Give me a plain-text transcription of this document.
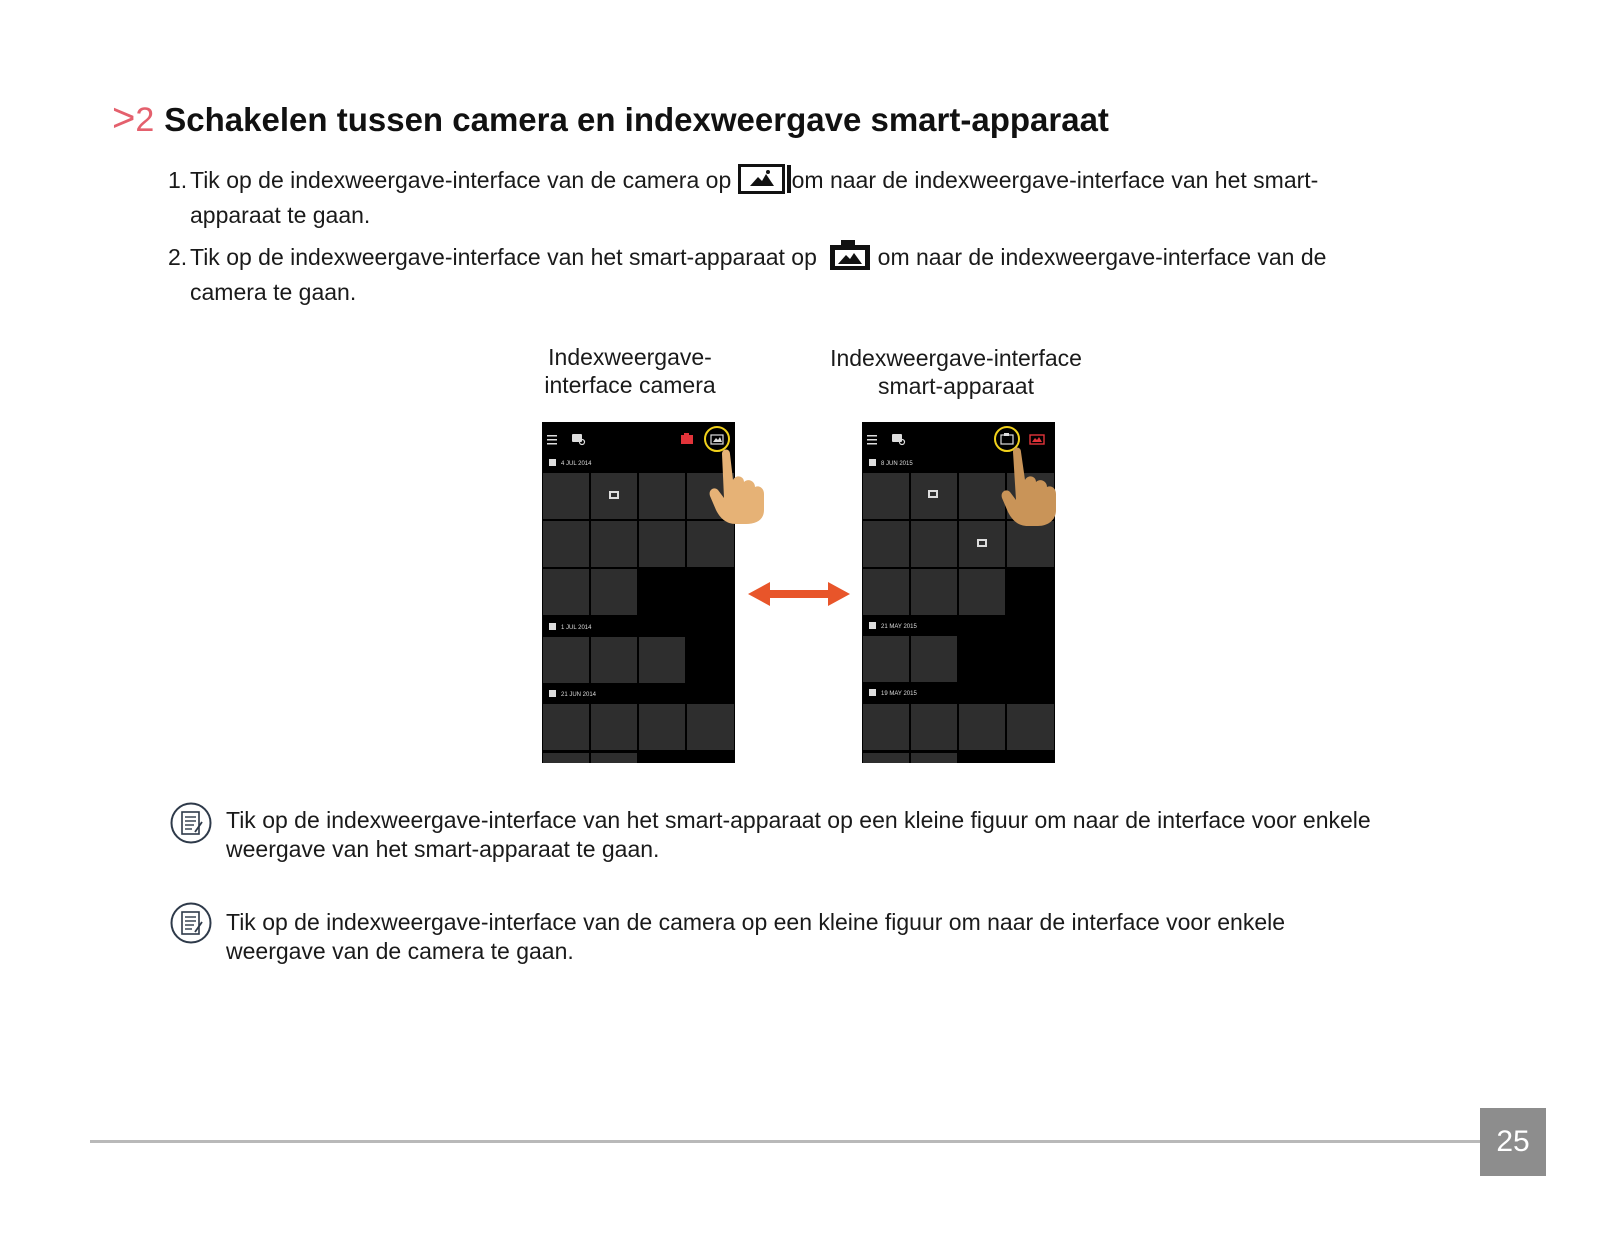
>2 Schakelen tussen camera en indexweergave smart-apparaat
1. Tik op de indexweergave-interface van de camera op om naar de indexweergave-interface van het smart-
apparaat te gaan.
2. Tik op de indexweergave-interface van het smart-apparaat op  om naar de indexweergave-interface van de
camera te gaan.
Indexweergave-
interface camera
Indexweergave-interface
smart-apparaat
4 JUL 2014
1 JUL 2014
21 JUN 2014
8 JUN 2015
21 MAY 2015
19 MAY 2015
Tik op de indexweergave-interface van het smart-apparaat op een kleine figuur om naar de interface voor enkele
weergave van het smart-apparaat te gaan.
Tik op de indexweergave-interface van de camera op een kleine figuur om naar de interface voor enkele
weergave van de camera te gaan.
25
